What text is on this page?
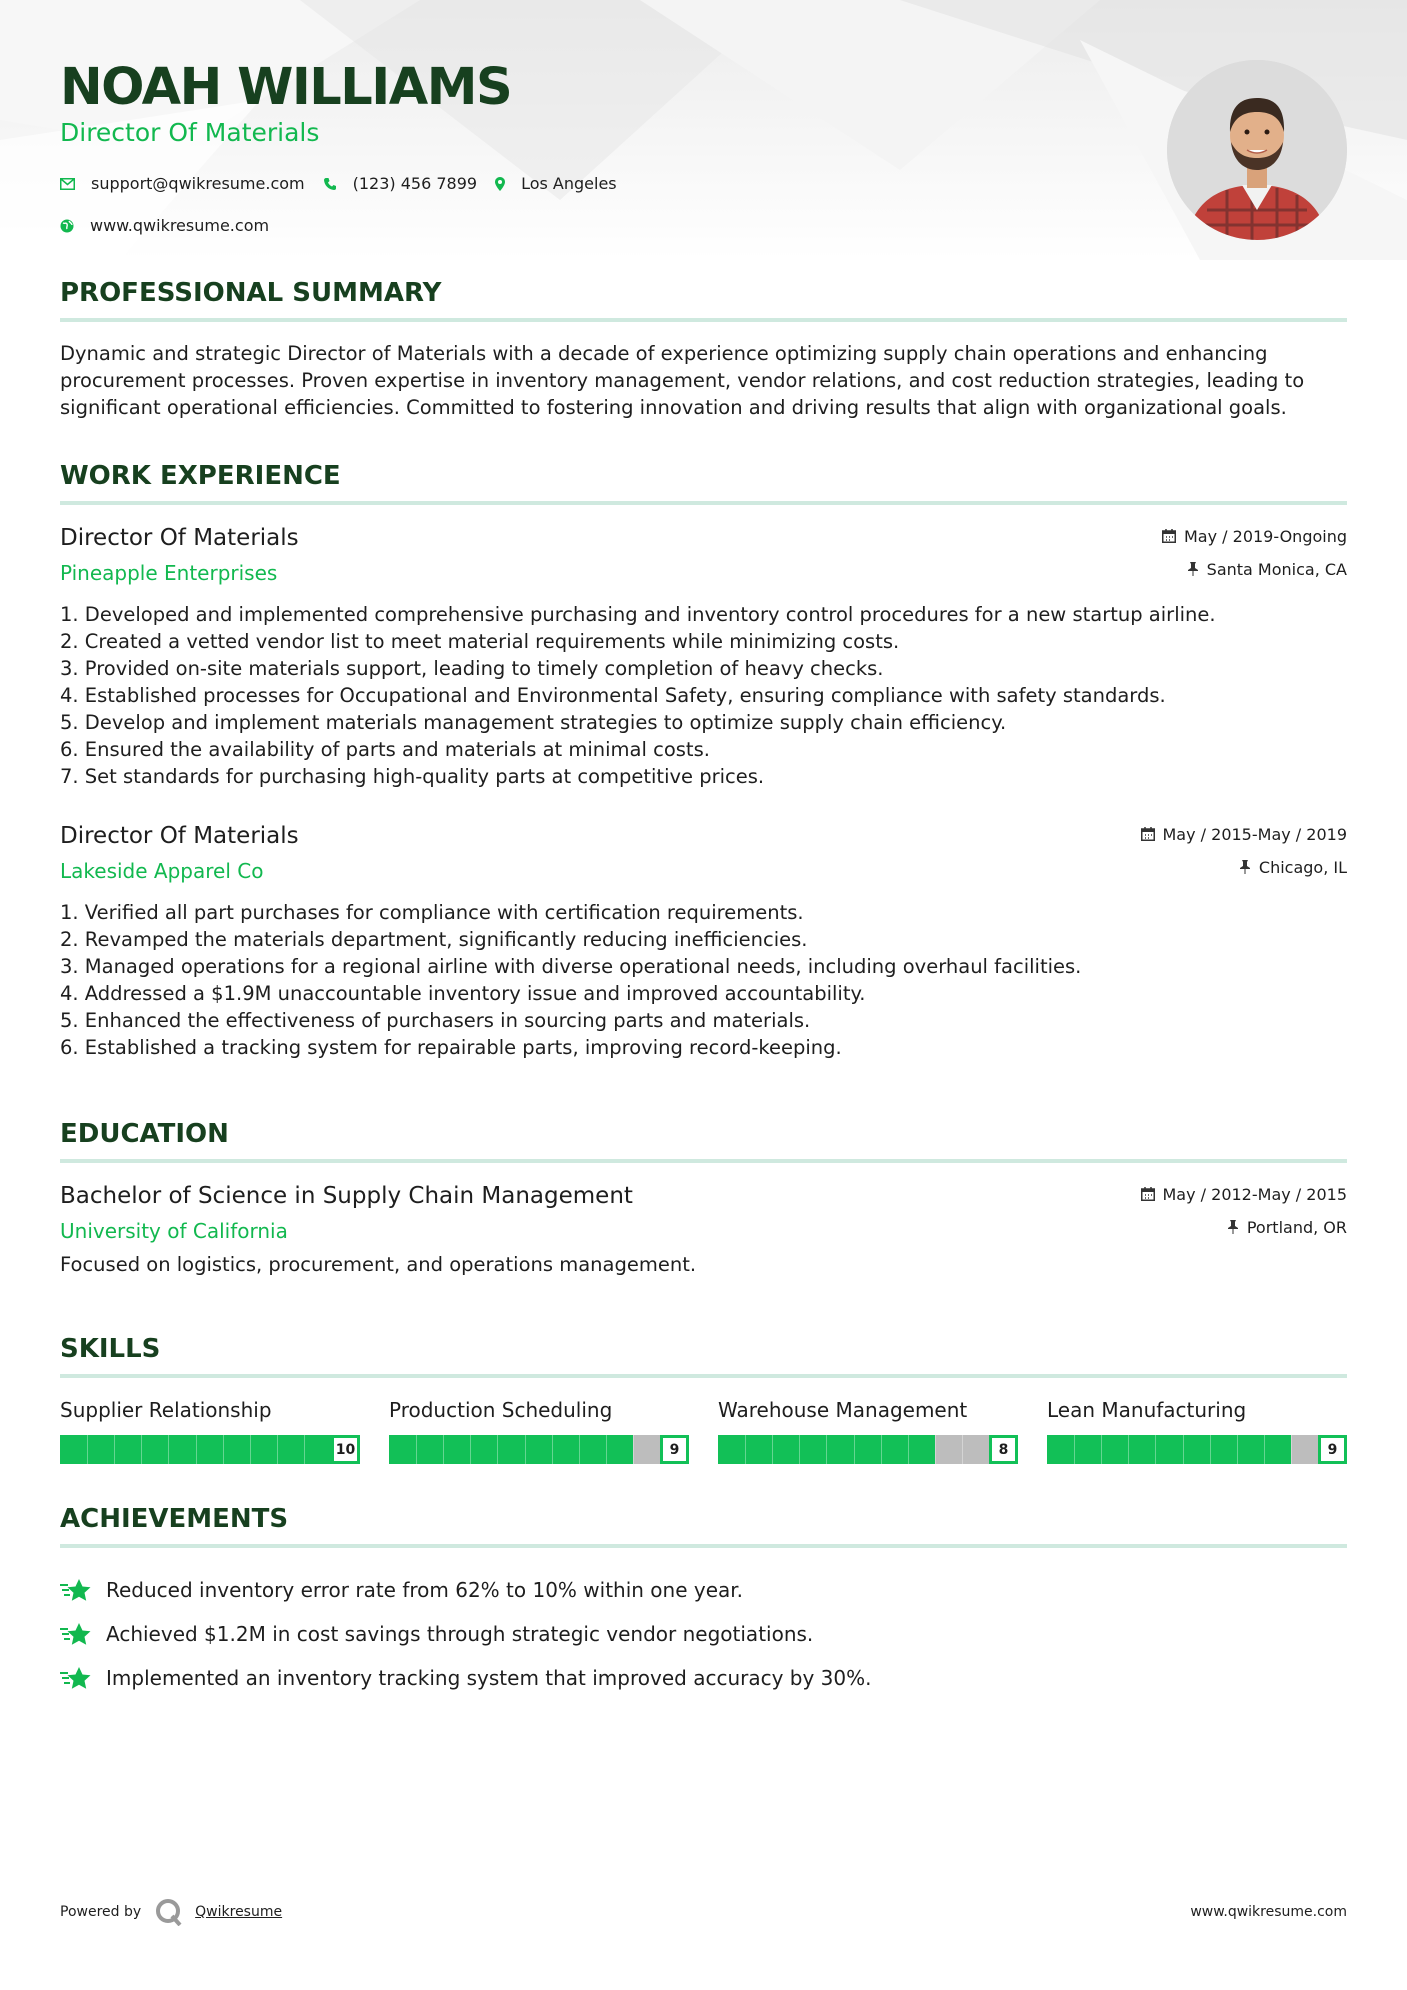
NOAH WILLIAMS
Director Of Materials
support@qwikresume.com	(123) 456 7899	Los Angeles
www.qwikresume.com
PROFESSIONAL SUMMARY

Dynamic and strategic Director of Materials with a decade of experience optimizing supply chain operations and enhancing procurement processes. Proven expertise in inventory management, vendor relations, and cost reduction strategies, leading to significant operational efficiencies. Committed to fostering innovation and driving results that align with organizational goals.

WORK EXPERIENCE
Director Of Materials
Pineapple Enterprises
May / 2019-Ongoing
Santa Monica, CA
1. Developed and implemented comprehensive purchasing and inventory control procedures for a new startup airline.
2. Created a vetted vendor list to meet material requirements while minimizing costs.
3. Provided on-site materials support, leading to timely completion of heavy checks.
4. Established processes for Occupational and Environmental Safety, ensuring compliance with safety standards.
5. Develop and implement materials management strategies to optimize supply chain efficiency.
6. Ensured the availability of parts and materials at minimal costs.
7. Set standards for purchasing high-quality parts at competitive prices.
Director Of Materials
Lakeside Apparel Co
May / 2015-May / 2019
Chicago, IL
1. Verified all part purchases for compliance with certification requirements.
2. Revamped the materials department, significantly reducing inefficiencies.
3. Managed operations for a regional airline with diverse operational needs, including overhaul facilities.
4. Addressed a $1.9M unaccountable inventory issue and improved accountability.
5. Enhanced the effectiveness of purchasers in sourcing parts and materials.
6. Established a tracking system for repairable parts, improving record-keeping.
EDUCATION
Bachelor of Science in Supply Chain Management
University of California
May / 2012-May / 2015
Portland, OR
Focused on logistics, procurement, and operations management.
SKILLS
Supplier Relationship
10
Production Scheduling
9
Warehouse Management
8
Lean Manufacturing
9
ACHIEVEMENTS
Reduced inventory error rate from 62% to 10% within one year.
Achieved $1.2M in cost savings through strategic vendor negotiations.
Implemented an inventory tracking system that improved accuracy by 30%.
Powered by	Qwikresume	www.qwikresume.com
